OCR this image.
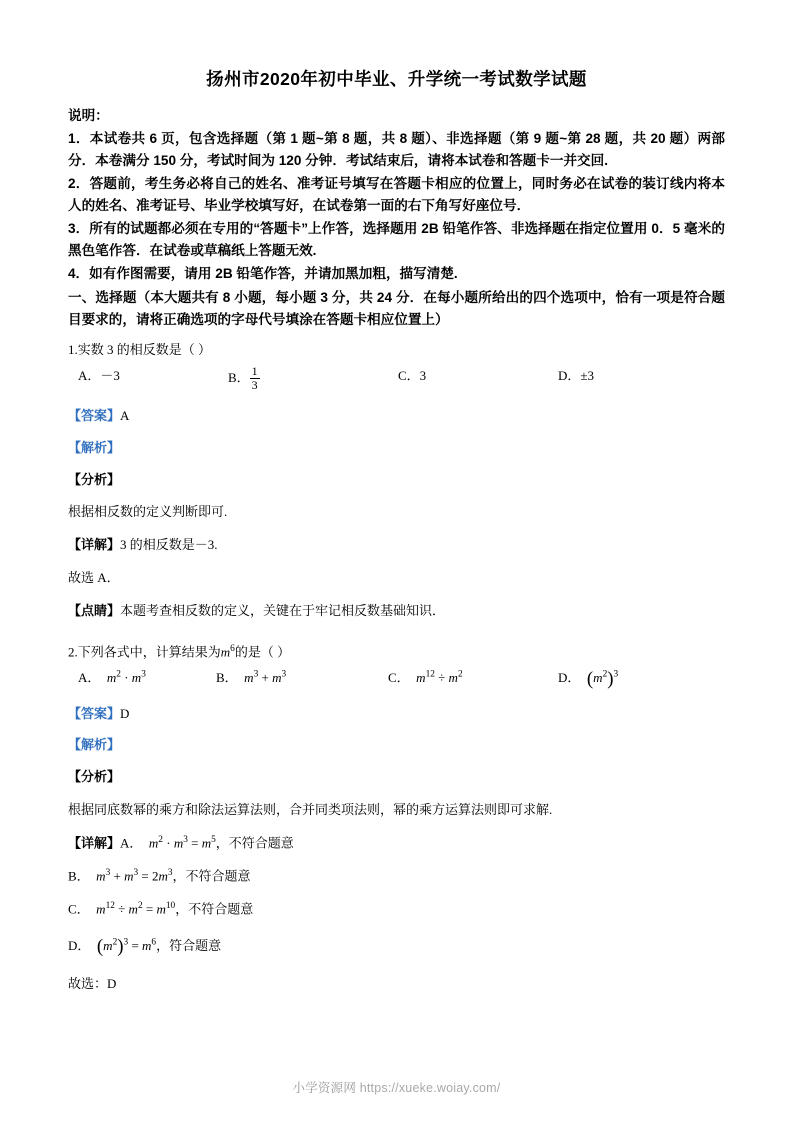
扬州市2020年初中毕业、升学统一考试数学试题

说明：

1．本试卷共 6 页，包含选择题（第 1 题~第 8 题，共 8 题）、非选择题（第 9 题~第 28 题，共 20 题）两部分．本卷满分 150 分，考试时间为 120 分钟．考试结束后，请将本试卷和答题卡一并交回.

2．答题前，考生务必将自己的姓名、准考证号填写在答题卡相应的位置上，同时务必在试卷的装订线内将本人的姓名、准考证号、毕业学校填写好，在试卷第一面的右下角写好座位号．

3．所有的试题都必须在专用的“答题卡”上作答，选择题用 2B 铅笔作答、非选择题在指定位置用 0．5 毫米的黑色笔作答．在试卷或草稿纸上答题无效.

4．如有作图需要，请用 2B 铅笔作答，并请加黑加粗，描写清楚.

一、选择题（本大题共有 8 小题，每小题 3 分，共 24 分．在每小题所给出的四个选项中，恰有一项是符合题目要求的，请将正确选项的字母代号填涂在答题卡相应位置上）
1.实数 3 的相反数是（ ）
A．－3	B． $\frac{1}{3}$	C．3	D．±3
【答案】A
【解析】
【分析】
根据相反数的定义判断即可.
【详解】3 的相反数是－3.
故选 A．
【点睛】本题考查相反数的定义，关键在于牢记相反数基础知识．
2.下列各式中，计算结果为$m^6$的是（ ）
A．  $m^2 \cdot m^3$	B．  $m^3 + m^3$	C．  $m^{12} \div m^2$	D．  $(m^2)^3$
【答案】D
【解析】
【分析】
根据同底数幂的乘方和除法运算法则，合并同类项法则，幂的乘方运算法则即可求解.
【详解】A．  $m^2 \cdot m^3 = m^5$，不符合题意
B．  $m^3 + m^3 = 2m^3$，不符合题意
C．  $m^{12} \div m^2 = m^{10}$，不符合题意
D．  $(m^2)^3 = m^6$，符合题意
故选：D
小学资源网 https://xueke.woiay.com/
